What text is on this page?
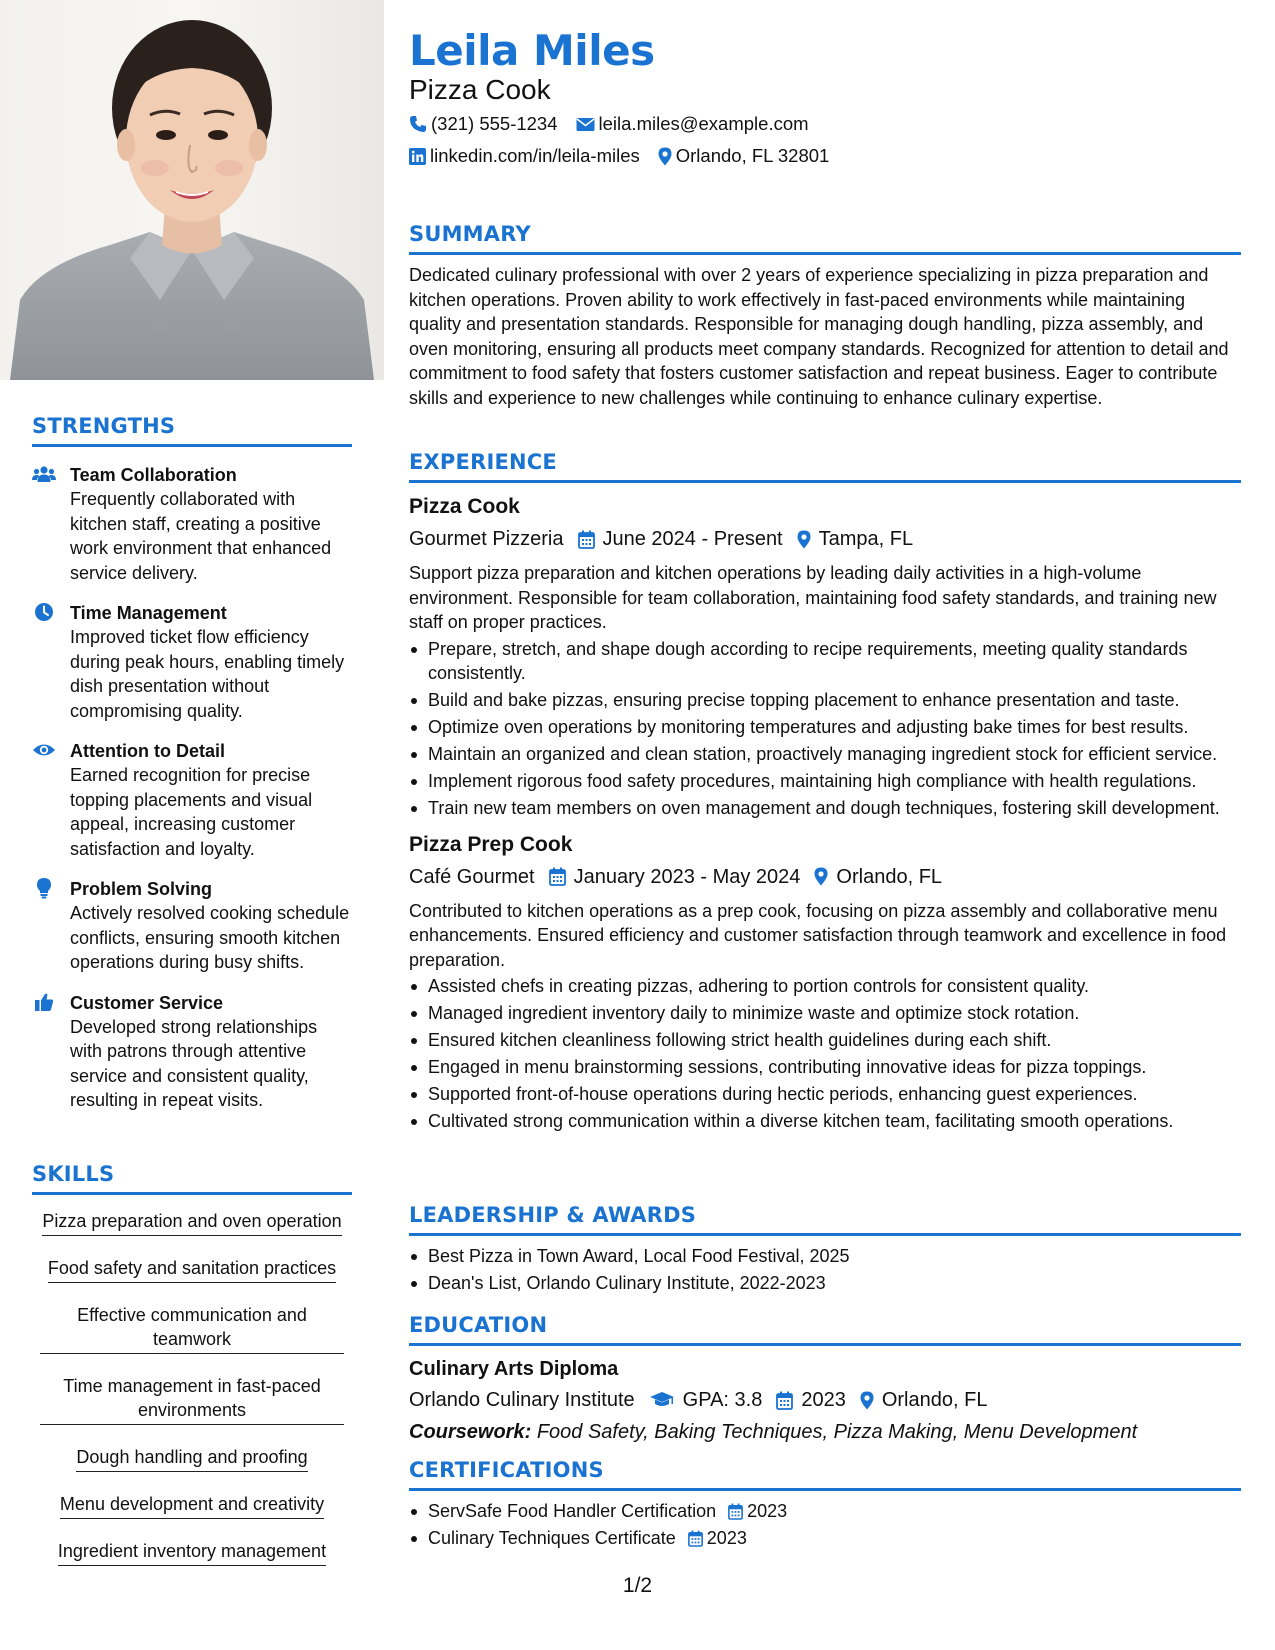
STRENGTHS
Team Collaboration
Frequently collaborated with kitchen staff, creating a positive work environment that enhanced service delivery.
Time Management
Improved ticket flow efficiency during peak hours, enabling timely dish presentation without compromising quality.
Attention to Detail
Earned recognition for precise topping placements and visual appeal, increasing customer satisfaction and loyalty.
Problem Solving
Actively resolved cooking schedule conflicts, ensuring smooth kitchen operations during busy shifts.
Customer Service
Developed strong relationships with patrons through attentive service and consistent quality, resulting in repeat visits.
SKILLS
Pizza preparation and oven operation
Food safety and sanitation practices
Effective communication and teamwork
Time management in fast-paced environments
Dough handling and proofing
Menu development and creativity
Ingredient inventory management
Leila Miles
Pizza Cook
(321) 555-1234 leila.miles@example.com
linkedin.com/in/leila-miles Orlando, FL 32801
SUMMARY

Dedicated culinary professional with over 2 years of experience specializing in pizza preparation and kitchen operations. Proven ability to work effectively in fast-paced environments while maintaining quality and presentation standards. Responsible for managing dough handling, pizza assembly, and oven monitoring, ensuring all products meet company standards. Recognized for attention to detail and commitment to food safety that fosters customer satisfaction and repeat business. Eager to contribute skills and experience to new challenges while continuing to enhance culinary expertise.

EXPERIENCE
Pizza Cook
Gourmet Pizzeria June 2024 - Present Tampa, FL

Support pizza preparation and kitchen operations by leading daily activities in a high-volume environment. Responsible for team collaboration, maintaining food safety standards, and training new staff on proper practices.

Prepare, stretch, and shape dough according to recipe requirements, meeting quality standards consistently.
Build and bake pizzas, ensuring precise topping placement to enhance presentation and taste.
Optimize oven operations by monitoring temperatures and adjusting bake times for best results.
Maintain an organized and clean station, proactively managing ingredient stock for efficient service.
Implement rigorous food safety procedures, maintaining high compliance with health regulations.
Train new team members on oven management and dough techniques, fostering skill development.
Pizza Prep Cook
Café Gourmet January 2023 - May 2024 Orlando, FL

Contributed to kitchen operations as a prep cook, focusing on pizza assembly and collaborative menu enhancements. Ensured efficiency and customer satisfaction through teamwork and excellence in food preparation.

Assisted chefs in creating pizzas, adhering to portion controls for consistent quality.
Managed ingredient inventory daily to minimize waste and optimize stock rotation.
Ensured kitchen cleanliness following strict health guidelines during each shift.
Engaged in menu brainstorming sessions, contributing innovative ideas for pizza toppings.
Supported front-of-house operations during hectic periods, enhancing guest experiences.
Cultivated strong communication within a diverse kitchen team, facilitating smooth operations.
LEADERSHIP & AWARDS
Best Pizza in Town Award, Local Food Festival, 2025
Dean's List, Orlando Culinary Institute, 2022-2023
EDUCATION
Culinary Arts Diploma
Orlando Culinary Institute GPA: 3.8 2023 Orlando, FL
Coursework: Food Safety, Baking Techniques, Pizza Making, Menu Development
CERTIFICATIONS
ServSafe Food Handler Certification 2023
Culinary Techniques Certificate 2023
1/2
